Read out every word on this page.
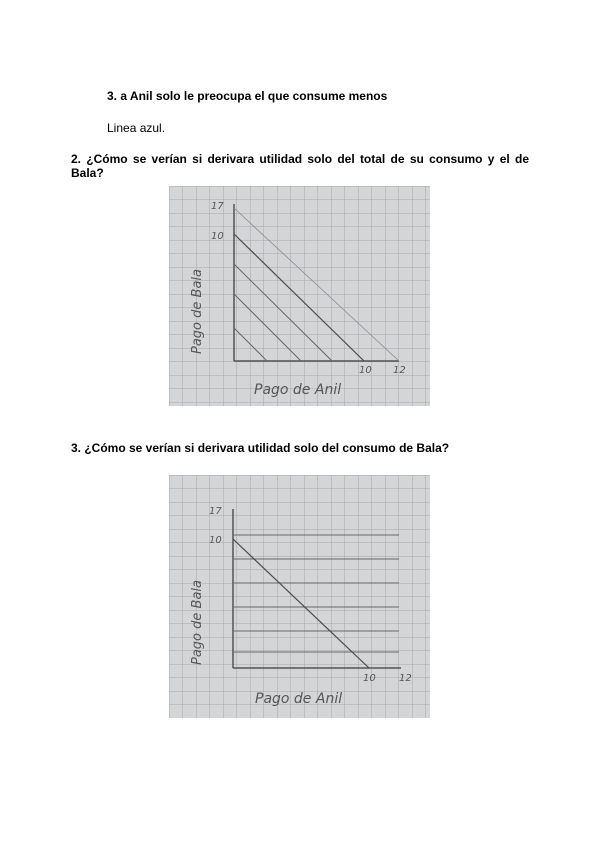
3. a Anil solo le preocupa el que consume menos
Linea azul.
2. ¿Cómo se verían si derivara utilidad solo del total de su consumo y el de Bala?
17
10
10 12
Pago de Bala
Pago de Anil
3. ¿Cómo se verían si derivara utilidad solo del consumo de Bala?
17
10
10 12
Pago de Bala
Pago de Anil
